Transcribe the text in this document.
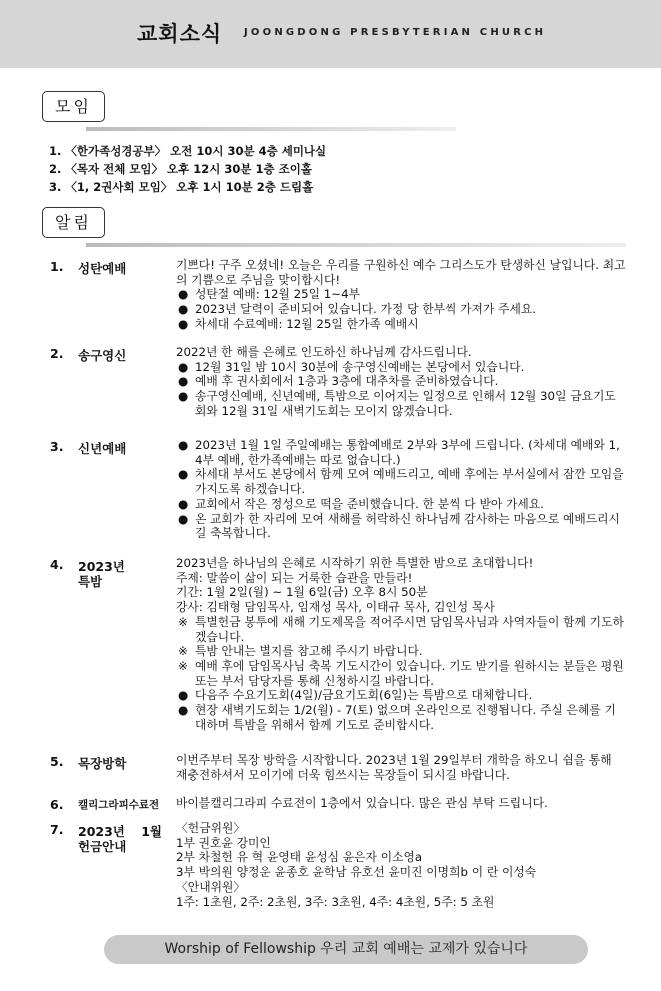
교회소식 JOONGDONG PRESBYTERIAN CHURCH
모임
1. 〈한가족성경공부〉 오전 10시 30분 4층 세미나실
2. 〈목자 전체 모임〉 오후 12시 30분 1층 조이홀
3. 〈1, 2권사회 모임〉 오후 1시 10분 2층 드림홀
알림
1. 성탄예배	기쁘다! 구주 오셨네! 오늘은 우리를 구원하신 예수 그리스도가 탄생하신 날입니다. 최고의 기쁨으로 주님을 맞이합시다!

● 성탄절 예배: 12월 25일 1~4부
● 2023년 달력이 준비되어 있습니다. 가정 당 한부씩 가져가 주세요.
● 차세대 수료예배: 12월 25일 한가족 예배시
2. 송구영신	2022년 한 해를 은혜로 인도하신 하나님께 감사드립니다.

● 12월 31일 밤 10시 30분에 송구영신예배는 본당에서 있습니다.
● 예배 후 권사회에서 1층과 3층에 대추차를 준비하였습니다.
● 송구영신예배, 신년예배, 특밤으로 이어지는 일정으로 인해서 12월 30일 금요기도회와 12월 31일 새벽기도회는 모이지 않겠습니다.
3. 신년예배	● 2023년 1월 1일 주일예배는 통합예배로 2부와 3부에 드립니다. (차세대 예배와 1, 4부 예배, 한가족예배는 따로 없습니다.)
● 차세대 부서도 본당에서 함께 모여 예배드리고, 예배 후에는 부서실에서 잠깐 모임을 가지도록 하겠습니다.
● 교회에서 작은 정성으로 떡을 준비했습니다. 한 분씩 다 받아 가세요.
● 온 교회가 한 자리에 모여 새해를 허락하신 하나님께 감사하는 마음으로 예배드리시길 축복합니다.
4. 2023년
특밤

2023년을 하나님의 은혜로 시작하기 위한 특별한 밤으로 초대합니다!

주제: 말씀이 삶이 되는 거룩한 습관을 만들라!

기간: 1월 2일(월) ~ 1월 6일(금) 오후 8시 50분

강사: 김태형 담임목사, 임재성 목사, 이태규 목사, 김인성 목사

※ 특별헌금 봉투에 새해 기도제목을 적어주시면 담임목사님과 사역자들이 함께 기도하겠습니다.
※ 특밤 안내는 별지를 참고해 주시기 바랍니다.
※ 예배 후에 담임목사님 축복 기도시간이 있습니다. 기도 받기를 원하시는 분들은 평원 또는 부서 담당자를 통해 신청하시길 바랍니다.
● 다음주 수요기도회(4일)/금요기도회(6일)는 특밤으로 대체합니다.
● 현장 새벽기도회는 1/2(월) - 7(토) 없으며 온라인으로 진행됩니다. 주실 은혜를 기대하며 특밤을 위해서 함께 기도로 준비합시다.
5. 목장방학	이번주부터 목장 방학을 시작합니다. 2023년 1월 29일부터 개학을 하오니 쉼을 통해 재충전하셔서 모이기에 더욱 힘쓰시는 목장들이 되시길 바랍니다.

6. 캘리그라피수료전	바이블캘리그라피 수료전이 1층에서 있습니다. 많은 관심 부탁 드립니다.

7. 2023년 1월
헌금안내

〈헌금위원〉

1부 권호윤 강미인

2부 차철헌 유 혁 윤영태 윤성심 윤은자 이소영a

3부 박의원 양정운 윤종호 윤학남 유호선 윤미진 이명희b 이 란 이성숙

〈안내위원〉

1주: 1초원, 2주: 2초원, 3주: 3초원, 4주: 4초원, 5주: 5 초원

Worship of Fellowship 우리 교회 예배는 교제가 있습니다
